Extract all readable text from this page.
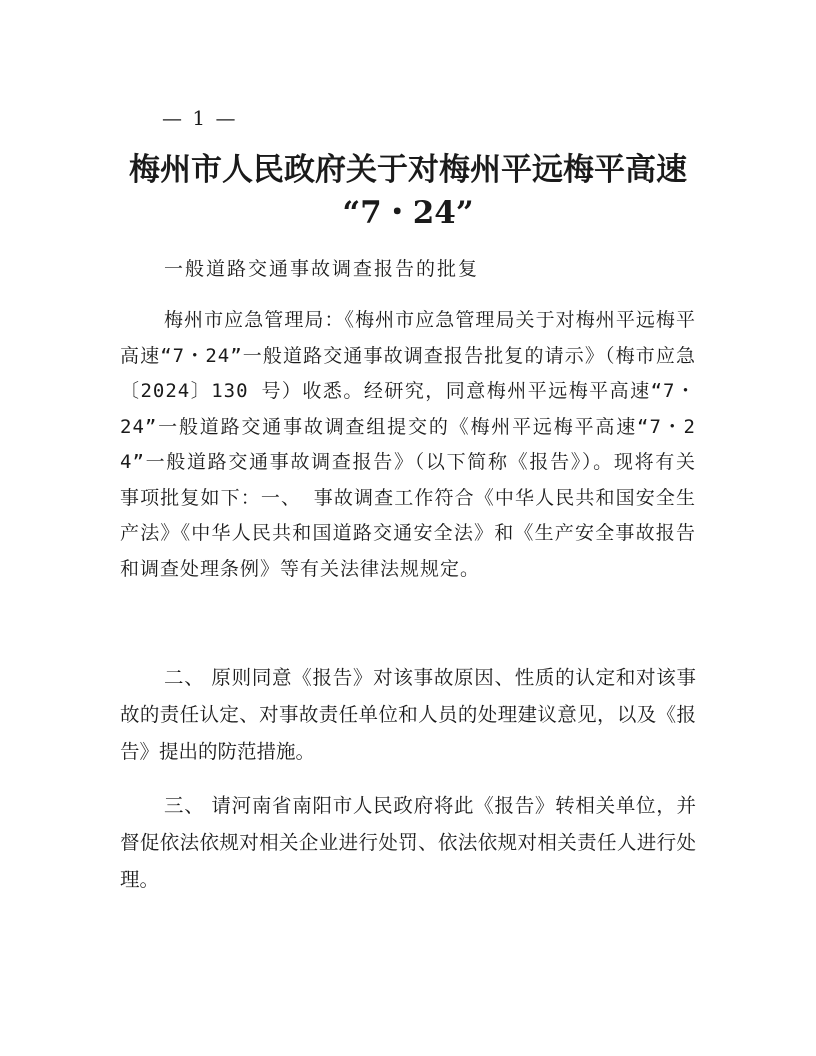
— 1 —
梅州市人民政府关于对梅州平远梅平高速
“7・24”
一般道路交通事故调查报告的批复
梅州市应急管理局：《梅州市应急管理局关于对梅州平远梅平高速“7・24”一般道路交通事故调查报告批复的请示》（梅市应急〔2024〕130 号）收悉。经研究，同意梅州平远梅平高速“7・24”一般道路交通事故调查组提交的《梅州平远梅平高速“7・24”一般道路交通事故调查报告》（以下简称《报告》）。现将有关事项批复如下：一、 事故调查工作符合《中华人民共和国安全生产法》《中华人民共和国道路交通安全法》和《生产安全事故报告和调查处理条例》等有关法律法规规定。
二、 原则同意《报告》对该事故原因、性质的认定和对该事故的责任认定、对事故责任单位和人员的处理建议意见，以及《报告》提出的防范措施。
三、 请河南省南阳市人民政府将此《报告》转相关单位，并督促依法依规对相关企业进行处罚、依法依规对相关责任人进行处理。
